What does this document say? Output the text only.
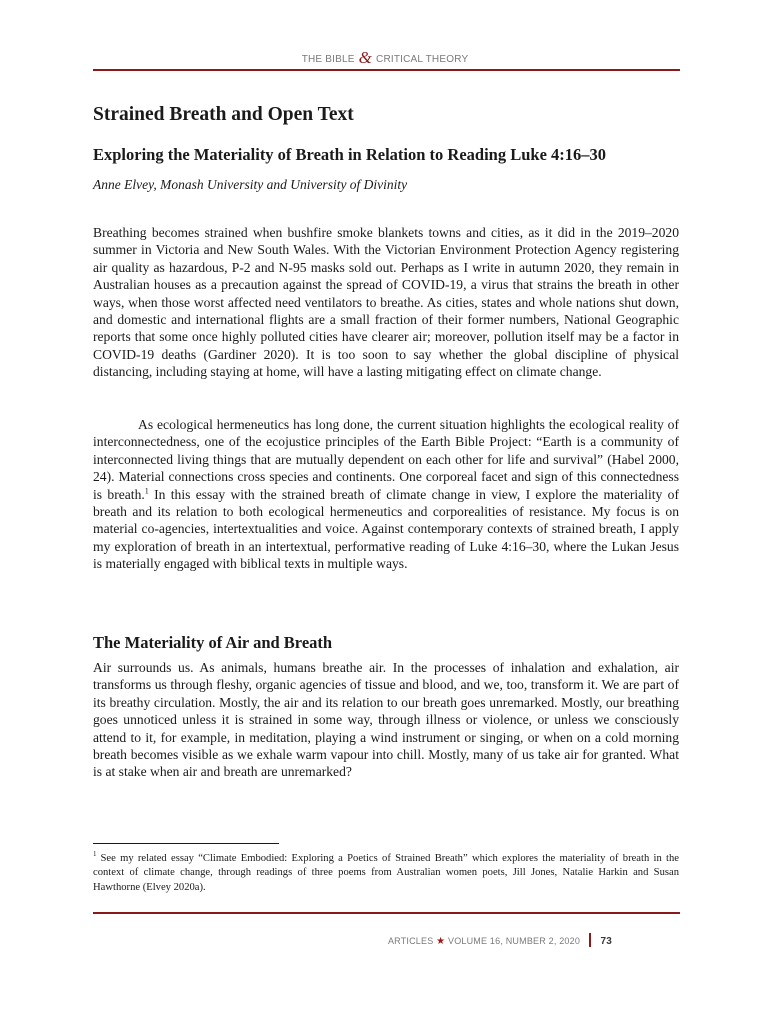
THE BIBLE & CRITICAL THEORY
Strained Breath and Open Text
Exploring the Materiality of Breath in Relation to Reading Luke 4:16–30

Anne Elvey, Monash University and University of Divinity

Breathing becomes strained when bushfire smoke blankets towns and cities, as it did in the 2019–2020 summer in Victoria and New South Wales. With the Victorian Environment Protection Agency registering air quality as hazardous, P-2 and N-95 masks sold out. Perhaps as I write in autumn 2020, they remain in Australian houses as a precaution against the spread of COVID-19, a virus that strains the breath in other ways, when those worst affected need ventilators to breathe. As cities, states and whole nations shut down, and domestic and international flights are a small fraction of their former numbers, National Geographic reports that some once highly polluted cities have clearer air; moreover, pollution itself may be a factor in COVID-19 deaths (Gardiner 2020). It is too soon to say whether the global discipline of physical distancing, including staying at home, will have a lasting mitigating effect on climate change.

As ecological hermeneutics has long done, the current situation highlights the ecological reality of interconnectedness, one of the ecojustice principles of the Earth Bible Project: “Earth is a community of interconnected living things that are mutually dependent on each other for life and survival” (Habel 2000, 24). Material connections cross species and continents. One corporeal facet and sign of this connectedness is breath.$^1$ In this essay with the strained breath of climate change in view, I explore the materiality of breath and its relation to both ecological hermeneutics and corporealities of resistance. My focus is on material co-agencies, intertextualities and voice. Against contemporary contexts of strained breath, I apply my exploration of breath in an intertextual, performative reading of Luke 4:16–30, where the Lukan Jesus is materially engaged with biblical texts in multiple ways.

The Materiality of Air and Breath

Air surrounds us. As animals, humans breathe air. In the processes of inhalation and exhalation, air transforms us through fleshy, organic agencies of tissue and blood, and we, too, transform it. We are part of its breathy circulation. Mostly, the air and its relation to our breath goes unremarked. Mostly, our breathing goes unnoticed unless it is strained in some way, through illness or violence, or unless we consciously attend to it, for example, in meditation, playing a wind instrument or singing, or when on a cold morning breath becomes visible as we exhale warm vapour into chill. Mostly, many of us take air for granted. What is at stake when air and breath are unremarked?

$^1$ See my related essay “Climate Embodied: Exploring a Poetics of Strained Breath” which explores the materiality of breath in the context of climate change, through readings of three poems from Australian women poets, Jill Jones, Natalie Harkin and Susan Hawthorne (Elvey 2020a).

ARTICLES ★ VOLUME 16, NUMBER 2, 2020 73
